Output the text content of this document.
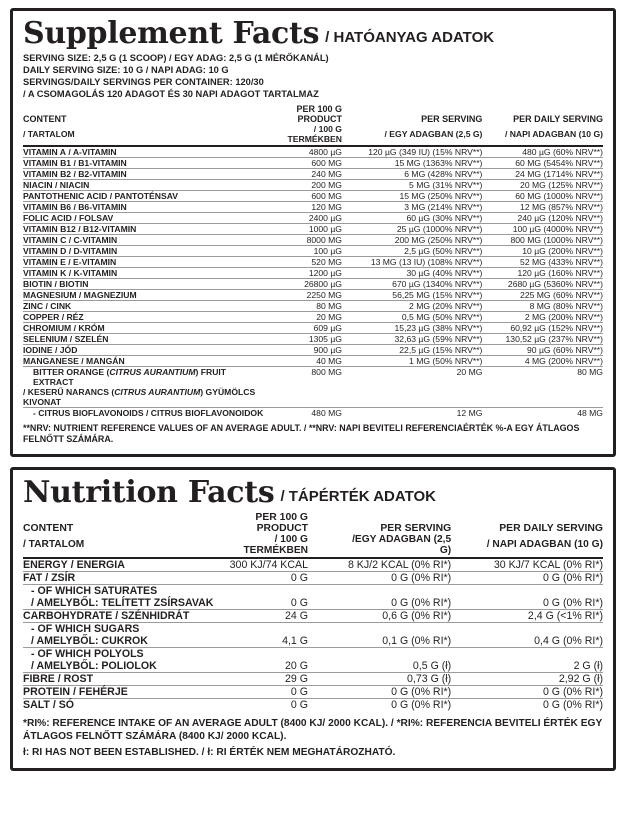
Supplement Facts / HATÓANYAG ADATOK
SERVING SIZE: 2,5 G (1 SCOOP) / EGY ADAG: 2,5 G (1 MÉRŐKANÁL)
DAILY SERVING SIZE: 10 G / NAPI ADAG: 10 G
SERVINGS/DAILY SERVINGS PER CONTAINER: 120/30
/ A CSOMAGOLÁS 120 ADAGOT ÉS 30 NAPI ADAGOT TARTALMAZ
CONTENT	PER 100 G PRODUCT	PER SERVING	PER DAILY SERVING
/ TARTALOM	/ 100 G TERMÉKBEN	/ EGY ADAGBAN (2,5 G)	/ NAPI ADAGBAN (10 G)

VITAMIN A / A-VITAMIN	4800 µG	120 µG (349 IU) (15% NRV**)	480 µG (60% NRV**)
VITAMIN B1 / B1-VITAMIN	600 MG	15 MG (1363% NRV**)	60 MG (5454% NRV**)
VITAMIN B2 / B2-VITAMIN	240 MG	6 MG (428% NRV**)	24 MG (1714% NRV**)
NIACIN / NIACIN	200 MG	5 MG (31% NRV**)	20 MG (125% NRV**)
PANTOTHENIC ACID / PANTOTÉNSAV	600 MG	15 MG (250% NRV**)	60 MG (1000% NRV**)
VITAMIN B6 / B6-VITAMIN	120 MG	3 MG (214% NRV**)	12 MG (857% NRV**)
FOLIC ACID / FOLSAV	2400 µG	60 µG (30% NRV**)	240 µG (120% NRV**)
VITAMIN B12 / B12-VITAMIN	1000 µG	25 µG (1000% NRV**)	100 µG (4000% NRV**)
VITAMIN C / C-VITAMIN	8000 MG	200 MG (250% NRV**)	800 MG (1000% NRV**)
VITAMIN D / D-VITAMIN	100 µG	2,5 µG (50% NRV**)	10 µG (200% NRV**)
VITAMIN E / E-VITAMIN	520 MG	13 MG (13 IU) (108% NRV**)	52 MG (433% NRV**)
VITAMIN K / K-VITAMIN	1200 µG	30 µG (40% NRV**)	120 µG (160% NRV**)
BIOTIN / BIOTIN	26800 µG	670 µG (1340% NRV**)	2680 µG (5360% NRV**)
MAGNESIUM / MAGNEZIUM	2250 MG	56,25 MG (15% NRV**)	225 MG (60% NRV**)
ZINC / CINK	80 MG	2 MG (20% NRV**)	8 MG (80% NRV**)
COPPER / RÉZ	20 MG	0,5 MG (50% NRV**)	2 MG (200% NRV**)
CHROMIUM / KRÓM	609 µG	15,23 µG (38% NRV**)	60,92 µG (152% NRV**)
SELENIUM / SZELÉN	1305 µG	32,63 µG (59% NRV**)	130,52 µG (237% NRV**)
IODINE / JÓD	900 µG	22,5 µG (15% NRV**)	90 µG (60% NRV**)
MANGANESE / MANGÁN	40 MG	1 MG (50% NRV**)	4 MG (200% NRV**)

BITTER ORANGE (CITRUS AURANTIUM) FRUIT EXTRACT
/ KESERŰ NARANCS (CITRUS AURANTIUM) GYÜMÖLCS KIVONAT	800 MG	20 MG	80 MG
- CITRUS BIOFLAVONOIDS / CITRUS BIOFLAVONOIDOK	480 MG	12 MG	48 MG
**NRV: NUTRIENT REFERENCE VALUES OF AN AVERAGE ADULT. / **NRV: NAPI BEVITELI REFERENCIAÉRTÉK %-A EGY ÁTLAGOS FELNŐTT SZÁMÁRA.
Nutrition Facts / TÁPÉRTÉK ADATOK
CONTENT	PER 100 G PRODUCT	PER SERVING	PER DAILY SERVING
/ TARTALOM	/ 100 G TERMÉKBEN	/EGY ADAGBAN (2,5 G)	/ NAPI ADAGBAN (10 G)

ENERGY / ENERGIA	300 KJ/74 KCAL	8 KJ/2 KCAL (0% RI*)	30 KJ/7 KCAL (0% RI*)
FAT / ZSÍR	0 G	0 G (0% RI*)	0 G (0% RI*)
- OF WHICH SATURATES			
/ AMELYBŐL: TELÍTETT ZSÍRSAVAK	0 G	0 G (0% RI*)	0 G (0% RI*)
CARBOHYDRATE / SZÉNHIDRÁT	24 G	0,6 G (0% RI*)	2,4 G (<1% RI*)
- OF WHICH SUGARS			
/ AMELYBŐL: CUKROK	4,1 G	0,1 G (0% RI*)	0,4 G (0% RI*)
- OF WHICH POLYOLS			
/ AMELYBŐL: POLIOLOK	20 G	0,5 G (ł)	2 G (ł)
FIBRE / ROST	29 G	0,73 G (ł)	2,92 G (ł)
PROTEIN / FEHÉRJE	0 G	0 G (0% RI*)	0 G (0% RI*)
SALT / SÓ	0 G	0 G (0% RI*)	0 G (0% RI*)
*RI%: REFERENCE INTAKE OF AN AVERAGE ADULT (8400 KJ/ 2000 KCAL). / *RI%: REFERENCIA BEVITELI ÉRTÉK EGY ÁTLAGOS FELNŐTT SZÁMÁRA (8400 KJ/ 2000 KCAL).
ł: RI HAS NOT BEEN ESTABLISHED. / ł: RI ÉRTÉK NEM MEGHATÁROZHATÓ.
